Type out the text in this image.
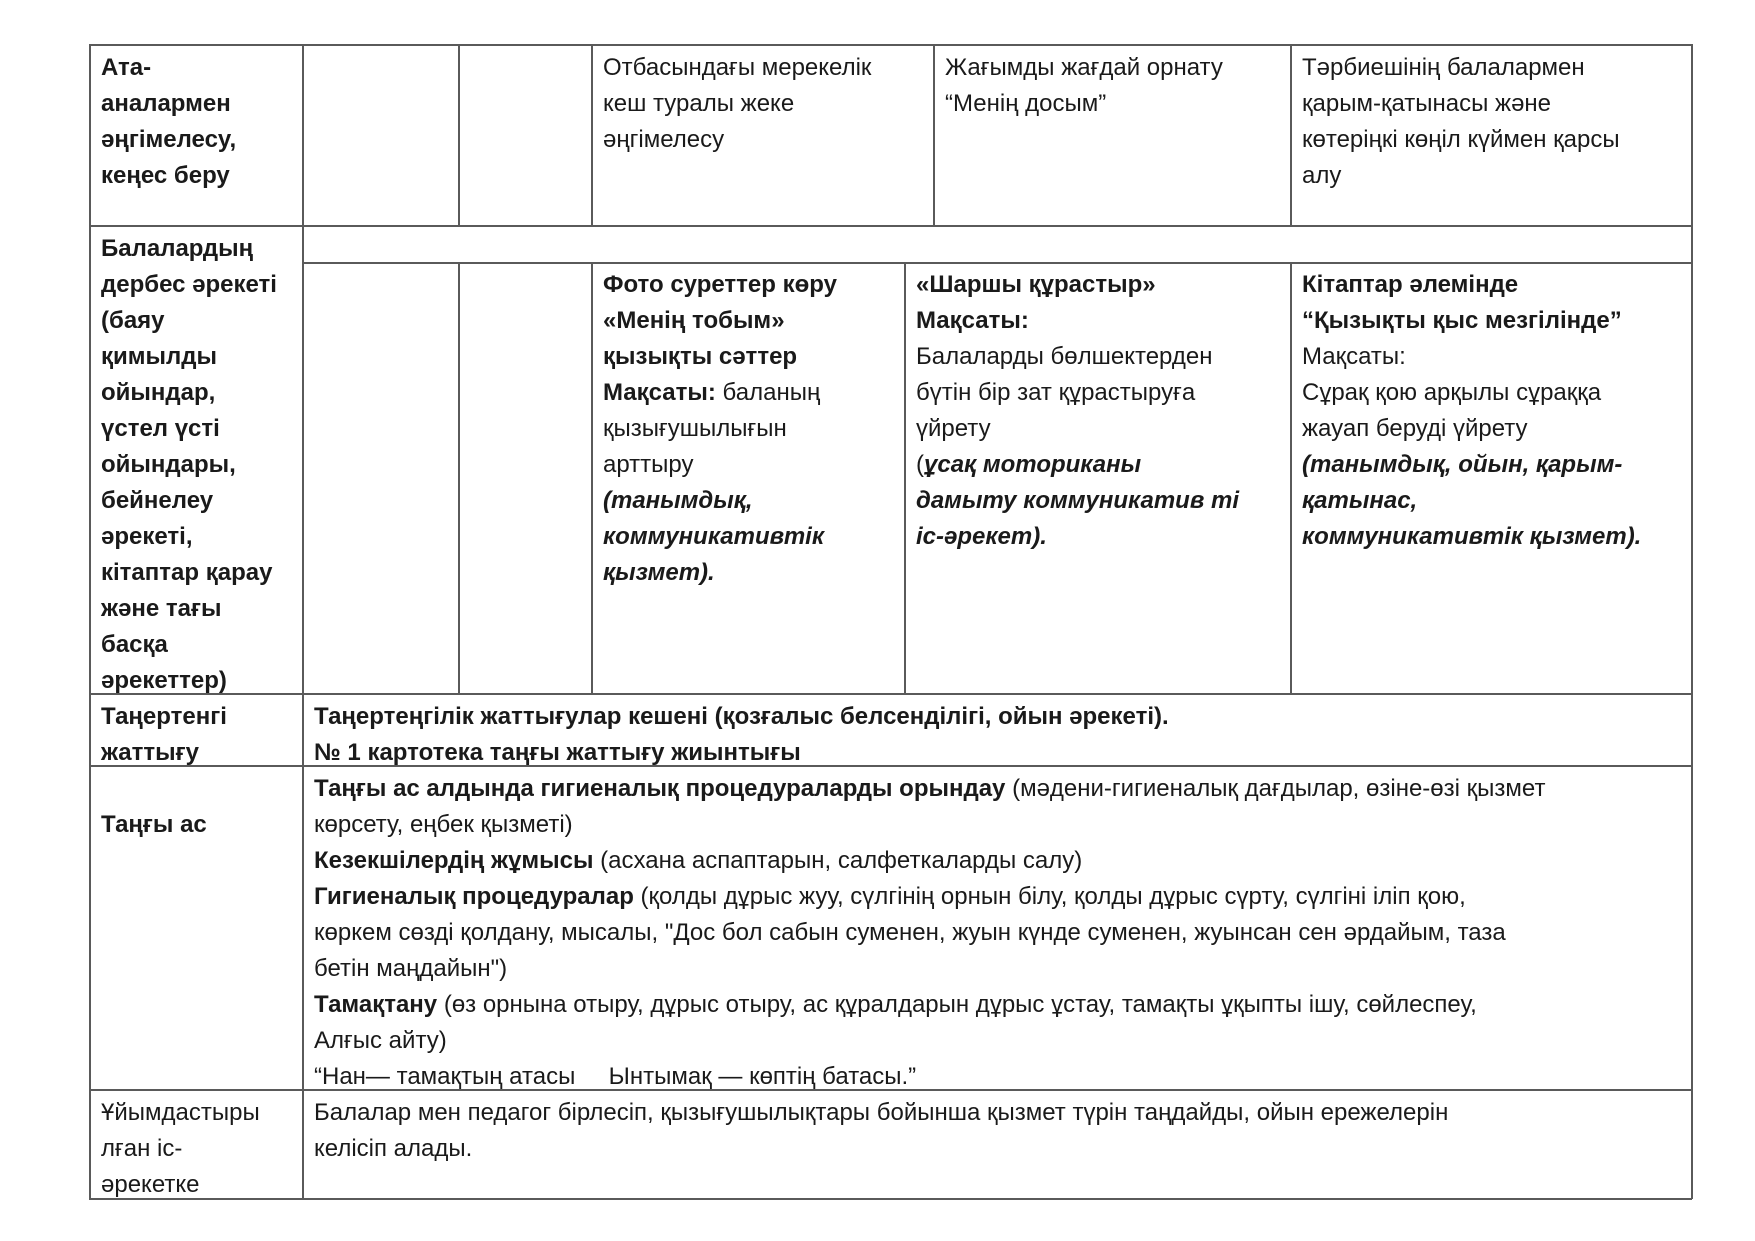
Ата-
аналармен
әңгімелесу,
кеңес беру
Отбасындағы мерекелік
кеш туралы жеке
әңгімелесу
Жағымды жағдай орнату
“Менің досым”
Тәрбиешінің балалармен
қарым-қатынасы және
көтеріңкі көңіл күймен қарсы
алу
Балалардың
дербес әрекеті
(баяу
қимылды
ойындар,
үстел үсті
ойындары,
бейнелеу
әрекеті,
кітаптар қарау
және тағы
басқа
әрекеттер)
Фото суреттер көру
«Менің тобым»
қызықты сәттер
Мақсаты: баланың
қызығушылығын
арттыру
(танымдық,
коммуникативтік
қызмет).
«Шаршы құрастыр»
Мақсаты:
Балаларды бөлшектерден
бүтін бір зат құрастыруға
үйрету
(ұсақ моториканы
дамыту коммуникатив ті
іс-әрекет).
Кітаптар әлемінде
“Қызықты қыс мезгілінде”
Мақсаты:
Сұрақ қою арқылы сұраққа
жауап беруді үйрету
(танымдық, ойын, қарым-
қатынас,
коммуникативтік қызмет).
Таңертенгі
жаттығу
Таңертеңгілік жаттығулар кешені (қозғалыс белсенділігі, ойын әрекеті).
№ 1 картотека таңғы жаттығу жиынтығы
Таңғы ас
Таңғы ас алдында гигиеналық процедураларды орындау (мәдени-гигиеналық дағдылар, өзіне-өзі қызмет
көрсету, еңбек қызметі)
Кезекшілердің жұмысы (асхана аспаптарын, салфеткаларды салу)
Гигиеналық процедуралар (қолды дұрыс жуу, сүлгінің орнын білу, қолды дұрыс сүрту, сүлгіні іліп қою,
көркем сөзді қолдану, мысалы, "Дос бол сабын суменен, жуын күнде суменен, жуынсан сен әрдайым, таза
бетін маңдайын")
Тамақтану (өз орнына отыру, дұрыс отыру, ас құралдарын дұрыс ұстау, тамақты ұқыпты ішу, сөйлеспеу,
Алғыс айту)
“Нан— тамақтың атасы     Ынтымақ — көптің батасы.”
Ұйымдастыры
лған іс-
әрекетке
Балалар мен педагог бірлесіп, қызығушылықтары бойынша қызмет түрін таңдайды, ойын ережелерін
келісіп алады.
